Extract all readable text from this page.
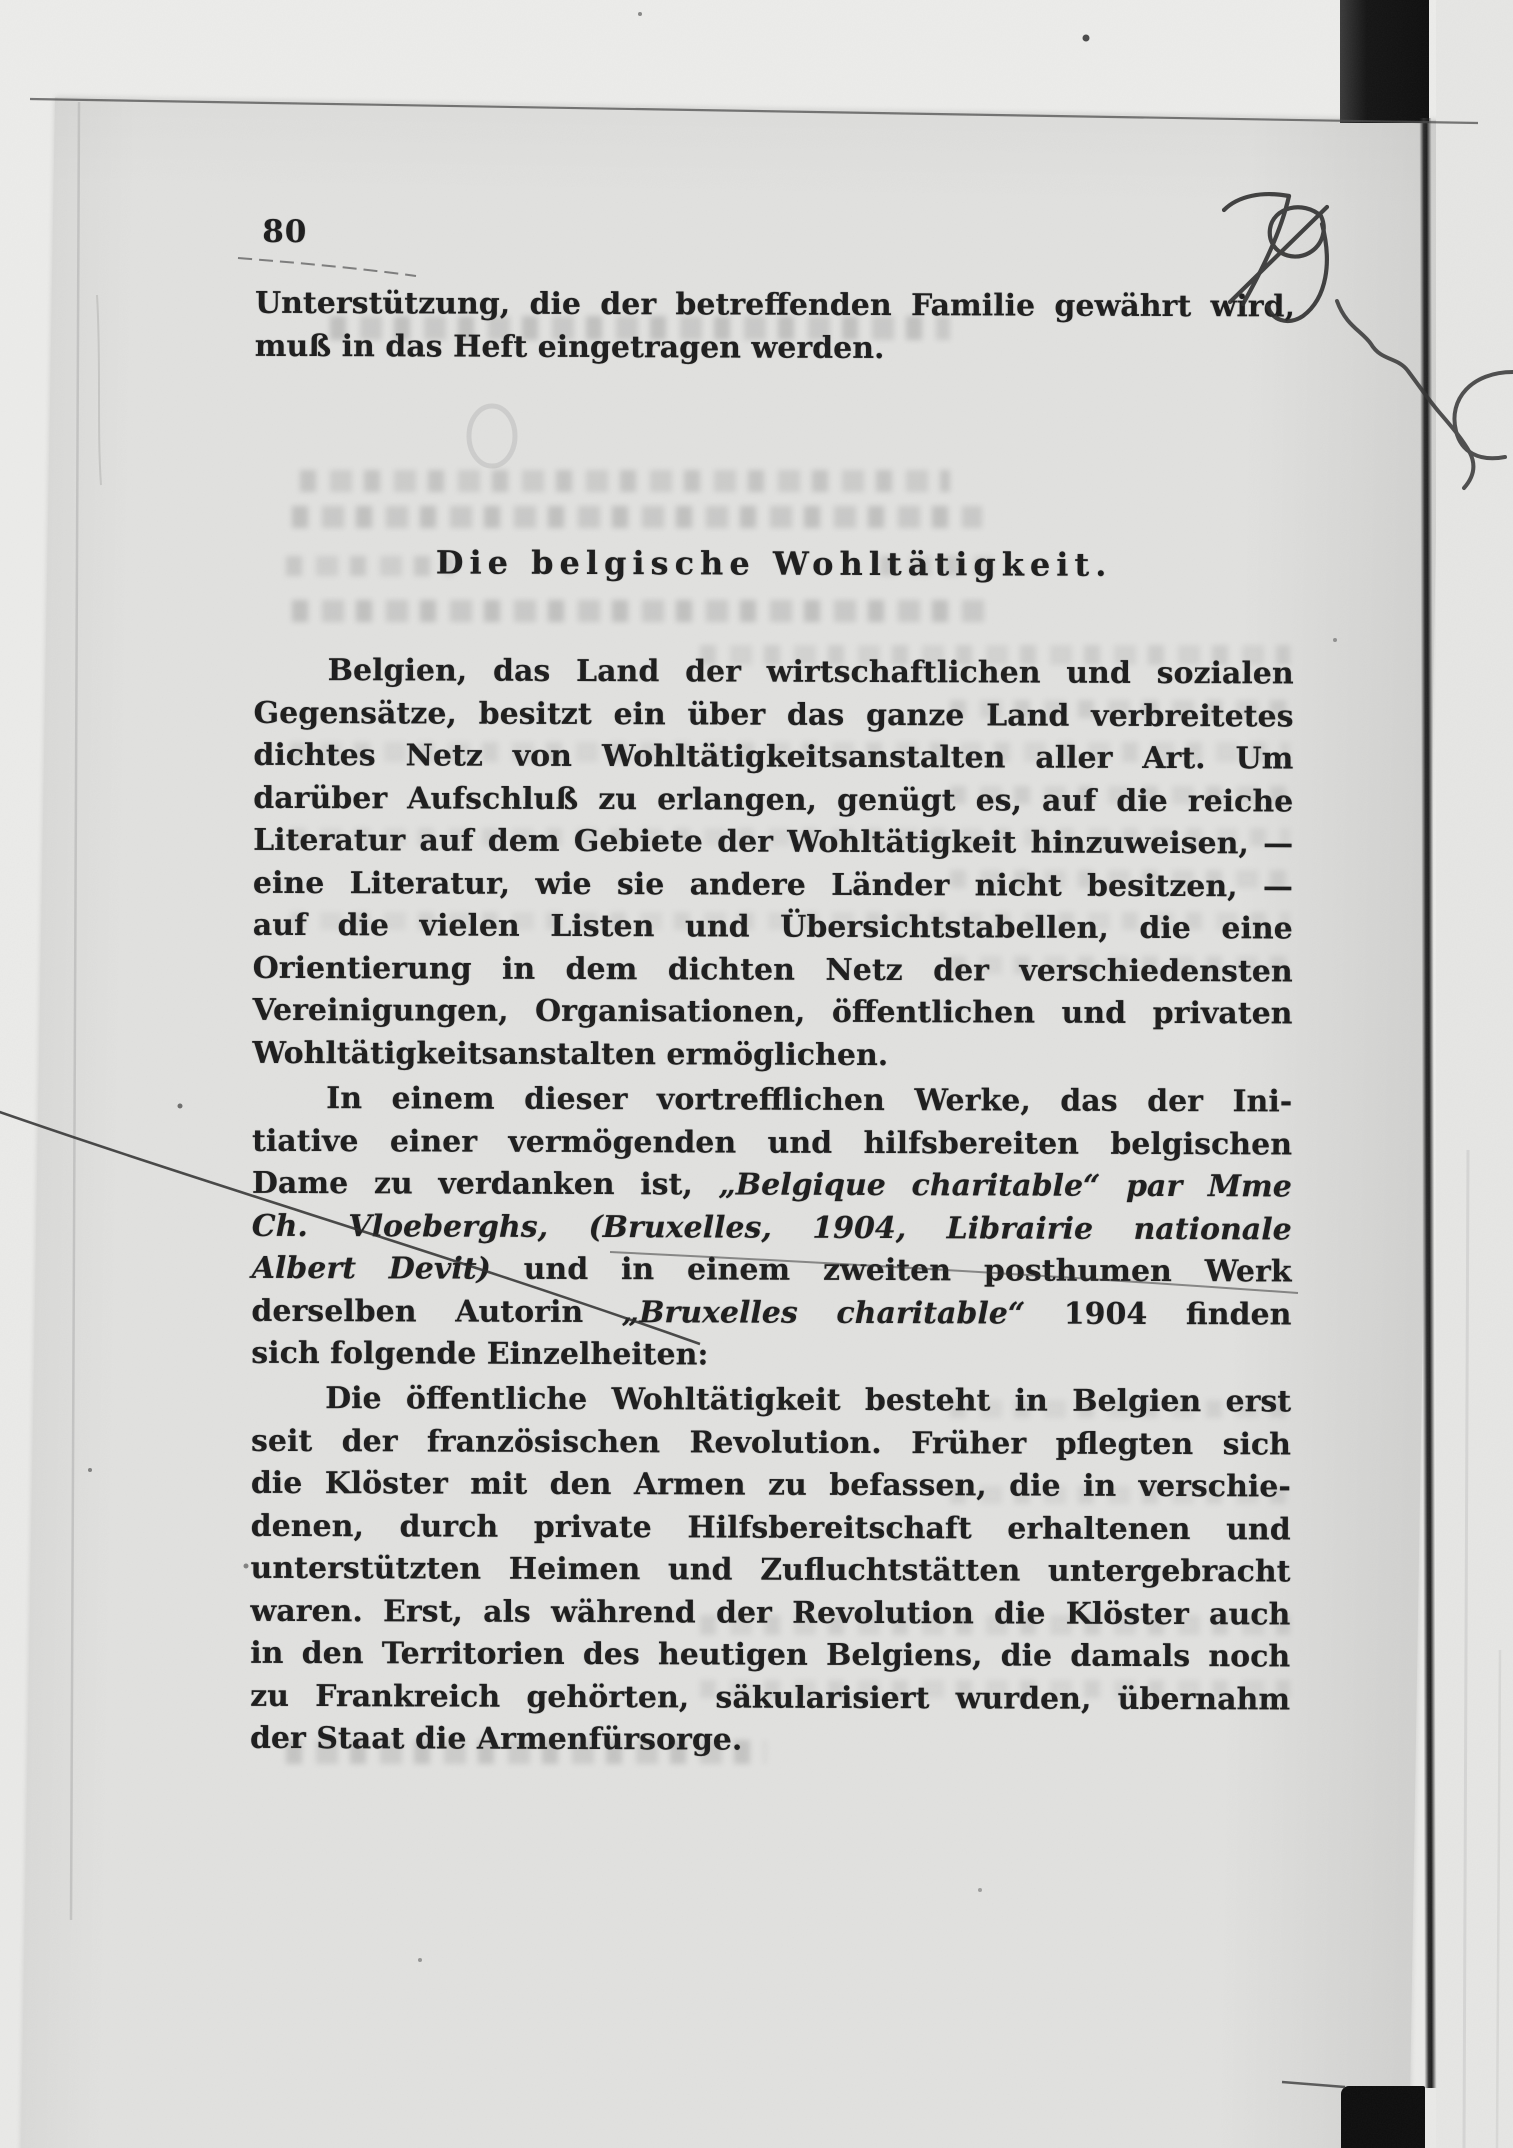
80
Unterstützung, die der betreffenden Familie gewährt wird,
muß in das Heft eingetragen werden.
Die belgische Wohltätigkeit.
Belgien, das Land der wirtschaftlichen und sozialen
Gegensätze, besitzt ein über das ganze Land verbreitetes
dichtes Netz von Wohltätigkeitsanstalten aller Art. Um
darüber Aufschluß zu erlangen, genügt es, auf die reiche
Literatur auf dem Gebiete der Wohltätigkeit hinzuweisen, —
eine Literatur, wie sie andere Länder nicht besitzen, —
auf die vielen Listen und Übersichtstabellen, die eine
Orientierung in dem dichten Netz der verschiedensten
Vereinigungen, Organisationen, öffentlichen und privaten
Wohltätigkeitsanstalten ermöglichen.
In einem dieser vortrefflichen Werke, das der Ini-
tiative einer vermögenden und hilfsbereiten belgischen
Dame zu verdanken ist, „Belgique charitable“ par Mme
Ch. Vloeberghs, (Bruxelles, 1904, Librairie nationale
Albert Devit) und in einem zweiten posthumen Werk
derselben Autorin „Bruxelles charitable“ 1904 finden
sich folgende Einzelheiten:
Die öffentliche Wohltätigkeit besteht in Belgien erst
seit der französischen Revolution. Früher pflegten sich
die Klöster mit den Armen zu befassen, die in verschie-
denen, durch private Hilfsbereitschaft erhaltenen und
unterstützten Heimen und Zufluchtstätten untergebracht
waren. Erst, als während der Revolution die Klöster auch
in den Territorien des heutigen Belgiens, die damals noch
zu Frankreich gehörten, säkularisiert wurden, übernahm
der Staat die Armenfürsorge.
